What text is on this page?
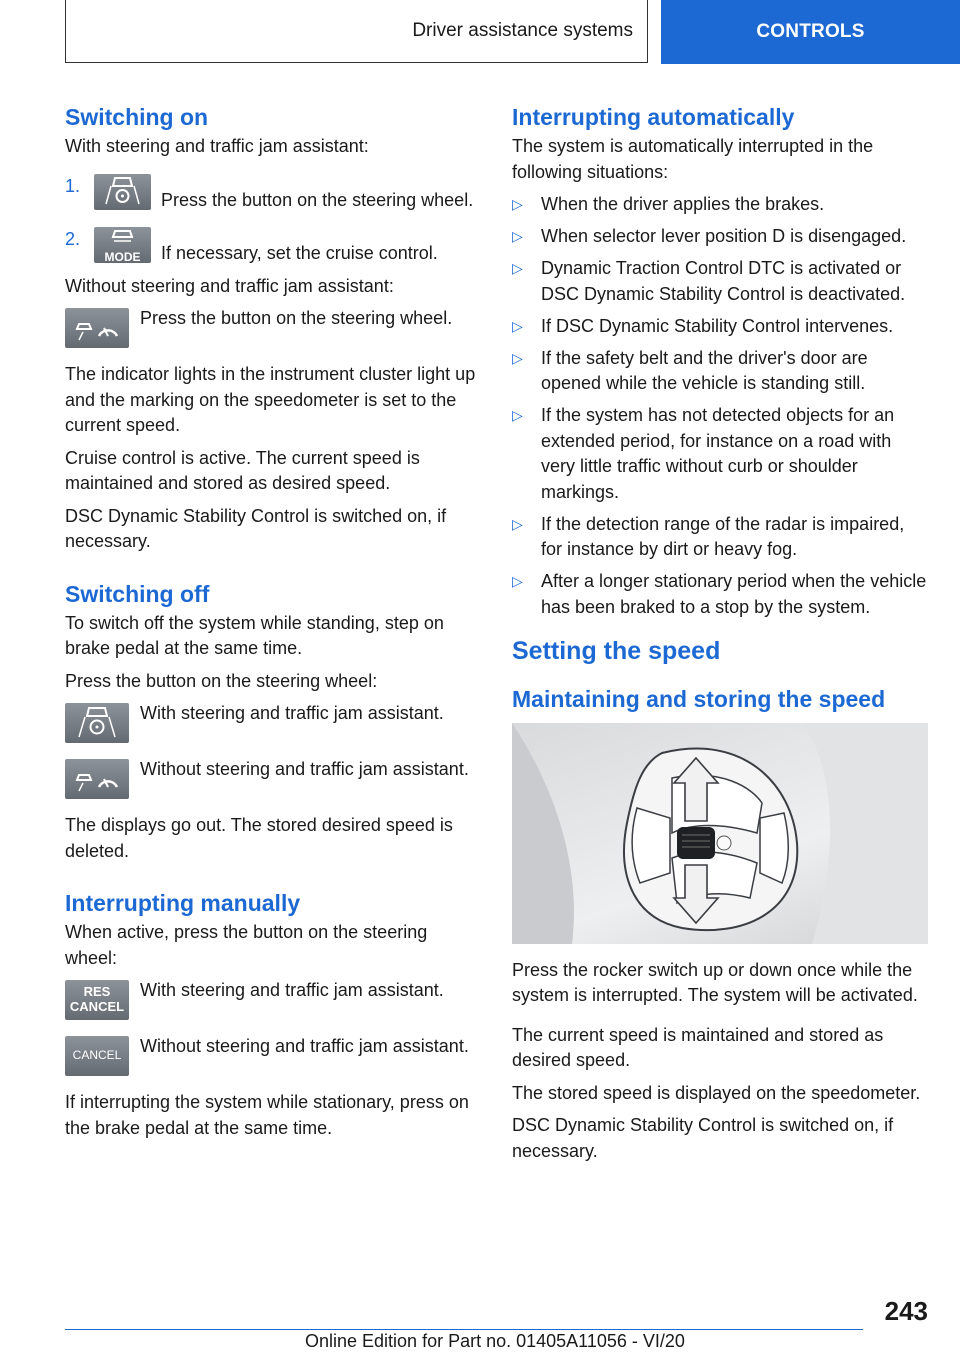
Driver assistance systems	CONTROLS
Switching on

With steering and traffic jam assistant:

1.
Press the button on the steering wheel.
2.
MODE	If necessary, set the cruise control.

Without steering and traffic jam assistant:

Press the button on the steering wheel.

The indicator lights in the instrument cluster light up and the marking on the speedometer is set to the current speed.

Cruise control is active. The current speed is maintained and stored as desired speed.

DSC Dynamic Stability Control is switched on, if necessary.

Switching off

To switch off the system while standing, step on brake pedal at the same time.

Press the button on the steering wheel:

With steering and traffic jam assistant.
Without steering and traffic jam assistant.

The displays go out. The stored desired speed is deleted.

Interrupting manually

When active, press the button on the steering wheel:

RES
CANCEL
With steering and traffic jam assistant.
CANCEL	Without steering and traffic jam assistant.

If interrupting the system while stationary, press on the brake pedal at the same time.

Interrupting automatically

The system is automatically interrupted in the following situations:

▷	When the driver applies the brakes.
▷	When selector lever position D is disengaged.
▷	Dynamic Traction Control DTC is activated or DSC Dynamic Stability Control is deactivated.
▷	If DSC Dynamic Stability Control intervenes.
▷	If the safety belt and the driver's door are opened while the vehicle is standing still.
▷	If the system has not detected objects for an extended period, for instance on a road with very little traffic without curb or shoulder markings.
▷	If the detection range of the radar is impaired, for instance by dirt or heavy fog.
▷	After a longer stationary period when the vehicle has been braked to a stop by the system.
Setting the speed
Maintaining and storing the speed

Press the rocker switch up or down once while the system is interrupted. The system will be activated.

The current speed is maintained and stored as desired speed.

The stored speed is displayed on the speedometer.

DSC Dynamic Stability Control is switched on, if necessary.

243
Online Edition for Part no. 01405A11056 - VI/20
